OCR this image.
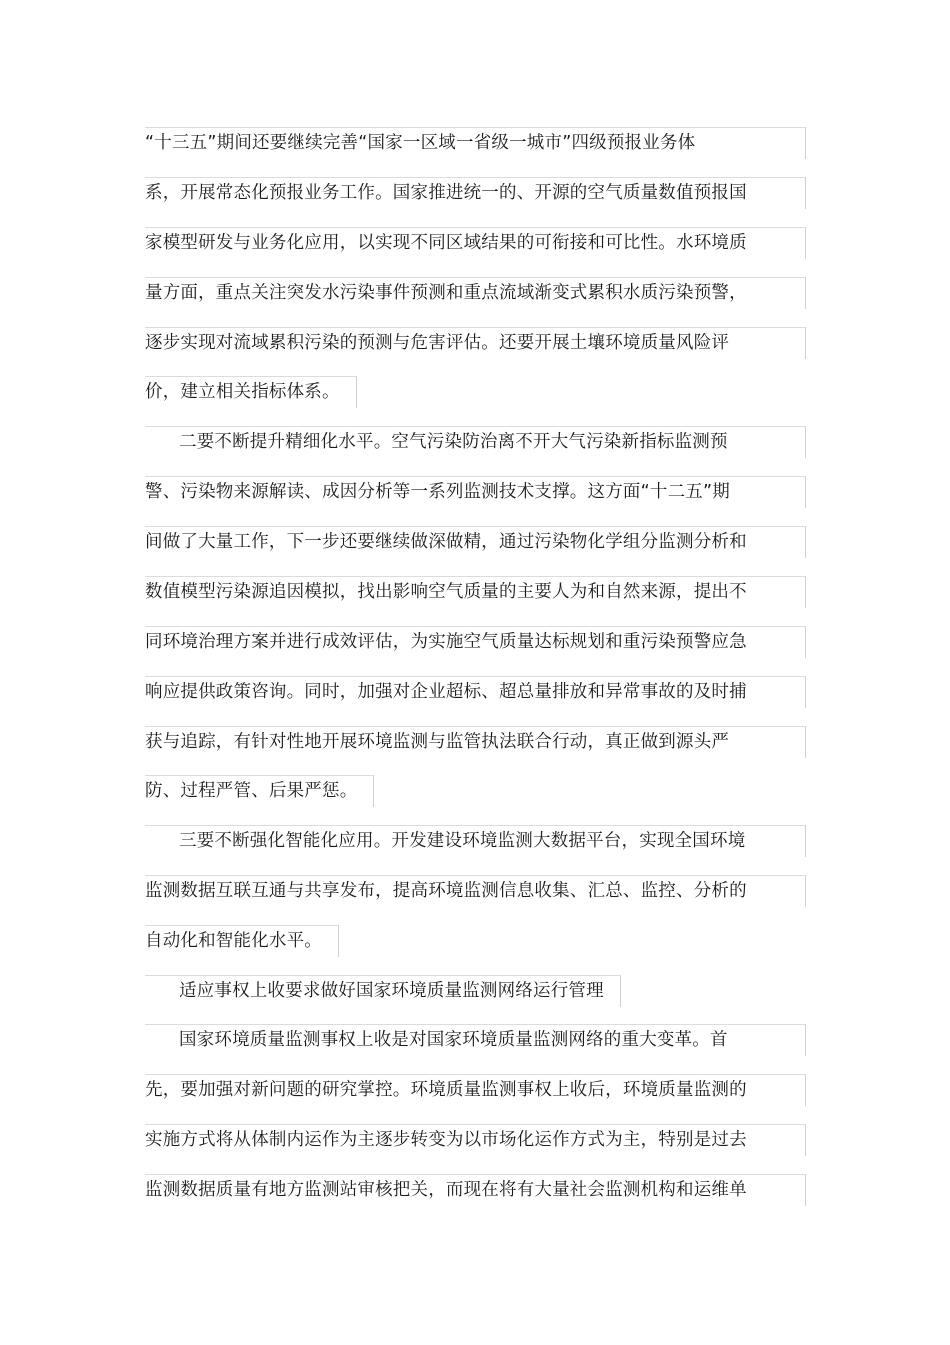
“十三五”期间还要继续完善“国家一区域一省级一城市”四级预报业务体
系，开展常态化预报业务工作。国家推进统一的、开源的空气质量数值预报国
家模型研发与业务化应用，以实现不同区域结果的可衔接和可比性。水环境质
量方面，重点关注突发水污染事件预测和重点流域渐变式累积水质污染预警，
逐步实现对流域累积污染的预测与危害评估。还要开展土壤环境质量风险评
价，建立相关指标体系。
二要不断提升精细化水平。空气污染防治离不开大气污染新指标监测预
警、污染物来源解读、成因分析等一系列监测技术支撑。这方面“十二五”期
间做了大量工作，下一步还要继续做深做精，通过污染物化学组分监测分析和
数值模型污染源追因模拟，找出影响空气质量的主要人为和自然来源，提出不
同环境治理方案并进行成效评估，为实施空气质量达标规划和重污染预警应急
响应提供政策咨询。同时，加强对企业超标、超总量排放和异常事故的及时捕
获与追踪，有针对性地开展环境监测与监管执法联合行动，真正做到源头严
防、过程严管、后果严惩。
三要不断强化智能化应用。开发建设环境监测大数据平台，实现全国环境
监测数据互联互通与共享发布，提高环境监测信息收集、汇总、监控、分析的
自动化和智能化水平。
适应事权上收要求做好国家环境质量监测网络运行管理
国家环境质量监测事权上收是对国家环境质量监测网络的重大变革。首
先，要加强对新问题的研究掌控。环境质量监测事权上收后，环境质量监测的
实施方式将从体制内运作为主逐步转变为以市场化运作方式为主，特别是过去
监测数据质量有地方监测站审核把关，而现在将有大量社会监测机构和运维单
